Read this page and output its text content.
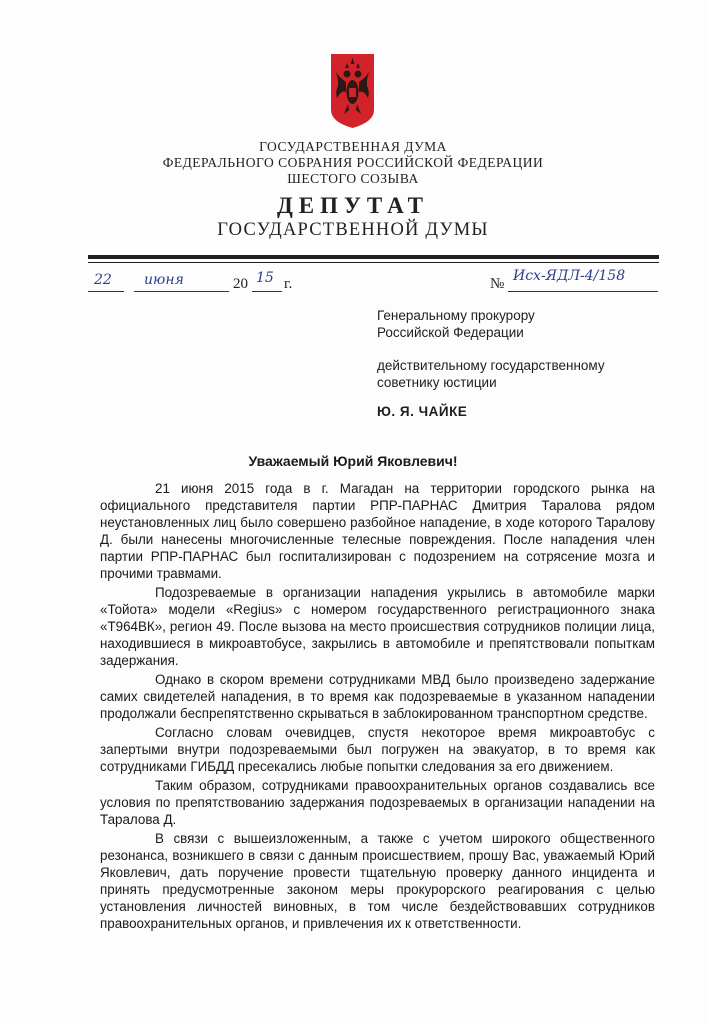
ГОСУДАРСТВЕННАЯ ДУМА
ФЕДЕРАЛЬНОГО СОБРАНИЯ РОССИЙСКОЙ ФЕДЕРАЦИИ
ШЕСТОГО СОЗЫВА
ДЕПУТАТ
ГОСУДАРСТВЕННОЙ ДУМЫ
22 июня	20 15 г.	№ Исх-ЯДЛ-4/158
Генеральному прокурору
Российской Федерации
действительному государственному
советнику юстиции
Ю. Я. ЧАЙКЕ
Уважаемый Юрий Яковлевич!

21 июня 2015 года в г. Магадан на территории городского рынка на официального представителя партии РПР-ПАРНАС Дмитрия Таралова рядом неустановленных лиц было совершено разбойное нападение, в ходе которого Таралову Д. были нанесены многочисленные телесные повреждения. После нападения член партии РПР-ПАРНАС был госпитализирован с подозрением на сотрясение мозга и прочими травмами.

Подозреваемые в организации нападения укрылись в автомобиле марки «Тойота» модели «Regius» с номером государственного регистрационного знака «Т964ВК», регион 49. После вызова на место происшествия сотрудников полиции лица, находившиеся в микроавтобусе, закрылись в автомобиле и препятствовали попыткам задержания.

Однако в скором времени сотрудниками МВД было произведено задержание самих свидетелей нападения, в то время как подозреваемые в указанном нападении продолжали беспрепятственно скрываться в заблокированном транспортном средстве.

Согласно словам очевидцев, спустя некоторое время микроавтобус с запертыми внутри подозреваемыми был погружен на эвакуатор, в то время как сотрудниками ГИБДД пресекались любые попытки следования за его движением.

Таким образом, сотрудниками правоохранительных органов создавались все условия по препятствованию задержания подозреваемых в организации нападении на Таралова Д.

В связи с вышеизложенным, а также с учетом широкого общественного резонанса, возникшего в связи с данным происшествием, прошу Вас, уважаемый Юрий Яковлевич, дать поручение провести тщательную проверку данного инцидента и принять предусмотренные законом меры прокурорского реагирования с целью установления личностей виновных, в том числе бездействовавших сотрудников правоохранительных органов, и привлечения их к ответственности.
